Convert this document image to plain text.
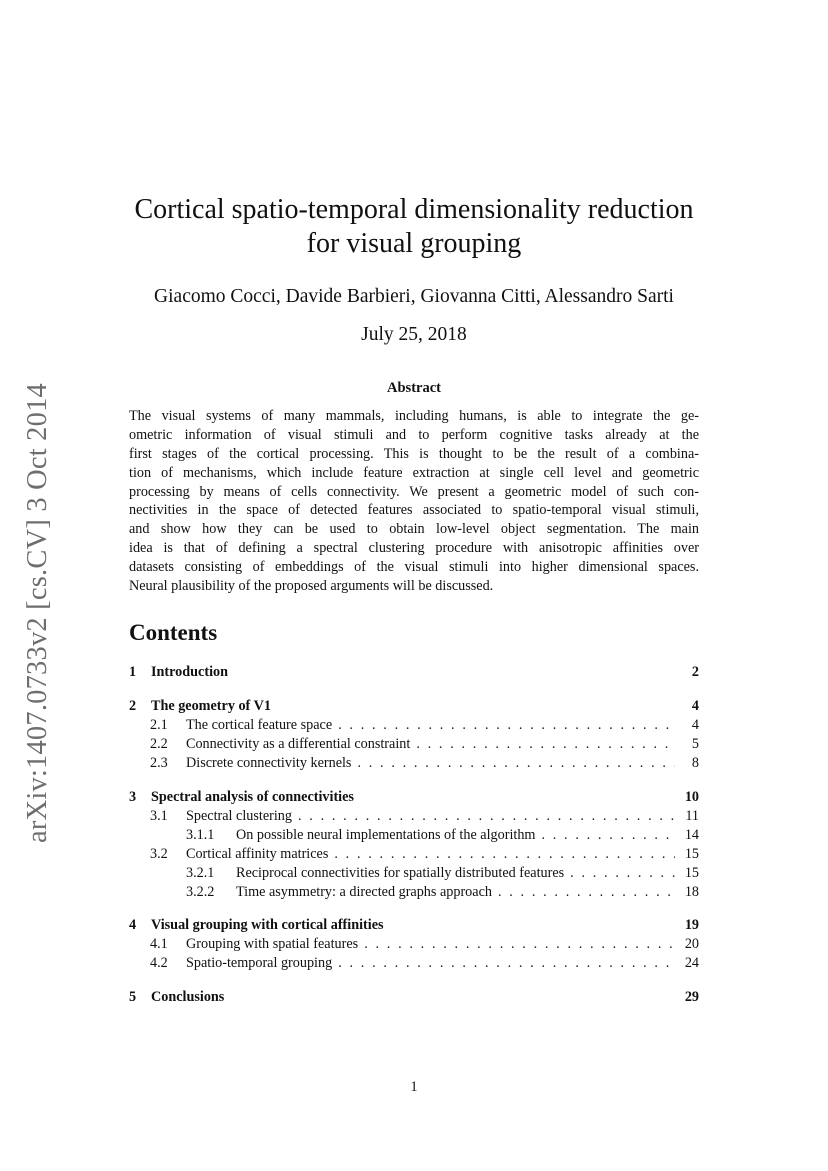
arXiv:1407.0733v2 [cs.CV] 3 Oct 2014
Cortical spatio-temporal dimensionality reduction
for visual grouping
Giacomo Cocci, Davide Barbieri, Giovanna Citti, Alessandro Sarti
July 25, 2018
Abstract
The visual systems of many mammals, including humans, is able to integrate the ge-
ometric information of visual stimuli and to perform cognitive tasks already at the
first stages of the cortical processing. This is thought to be the result of a combina-
tion of mechanisms, which include feature extraction at single cell level and geometric
processing by means of cells connectivity. We present a geometric model of such con-
nectivities in the space of detected features associated to spatio-temporal visual stimuli,
and show how they can be used to obtain low-level object segmentation. The main
idea is that of defining a spectral clustering procedure with anisotropic affinities over
datasets consisting of embeddings of the visual stimuli into higher dimensional spaces.
Neural plausibility of the proposed arguments will be discussed.
Contents
1	Introduction	2
2	The geometry of V1	4
2.1	The cortical feature space . . .	4
2.2	Connectivity as a differential constraint . . .	5
2.3	Discrete connectivity kernels . . .	8
3	Spectral analysis of connectivities	10
3.1	Spectral clustering . . .	11
3.1.1	On possible neural implementations of the algorithm . . .	14
3.2	Cortical affinity matrices . . .	15
3.2.1	Reciprocal connectivities for spatially distributed features . . .	15
3.2.2	Time asymmetry: a directed graphs approach . . .	18
4	Visual grouping with cortical affinities	19
4.1	Grouping with spatial features . . .	20
4.2	Spatio-temporal grouping . . .	24
5	Conclusions	29
1
